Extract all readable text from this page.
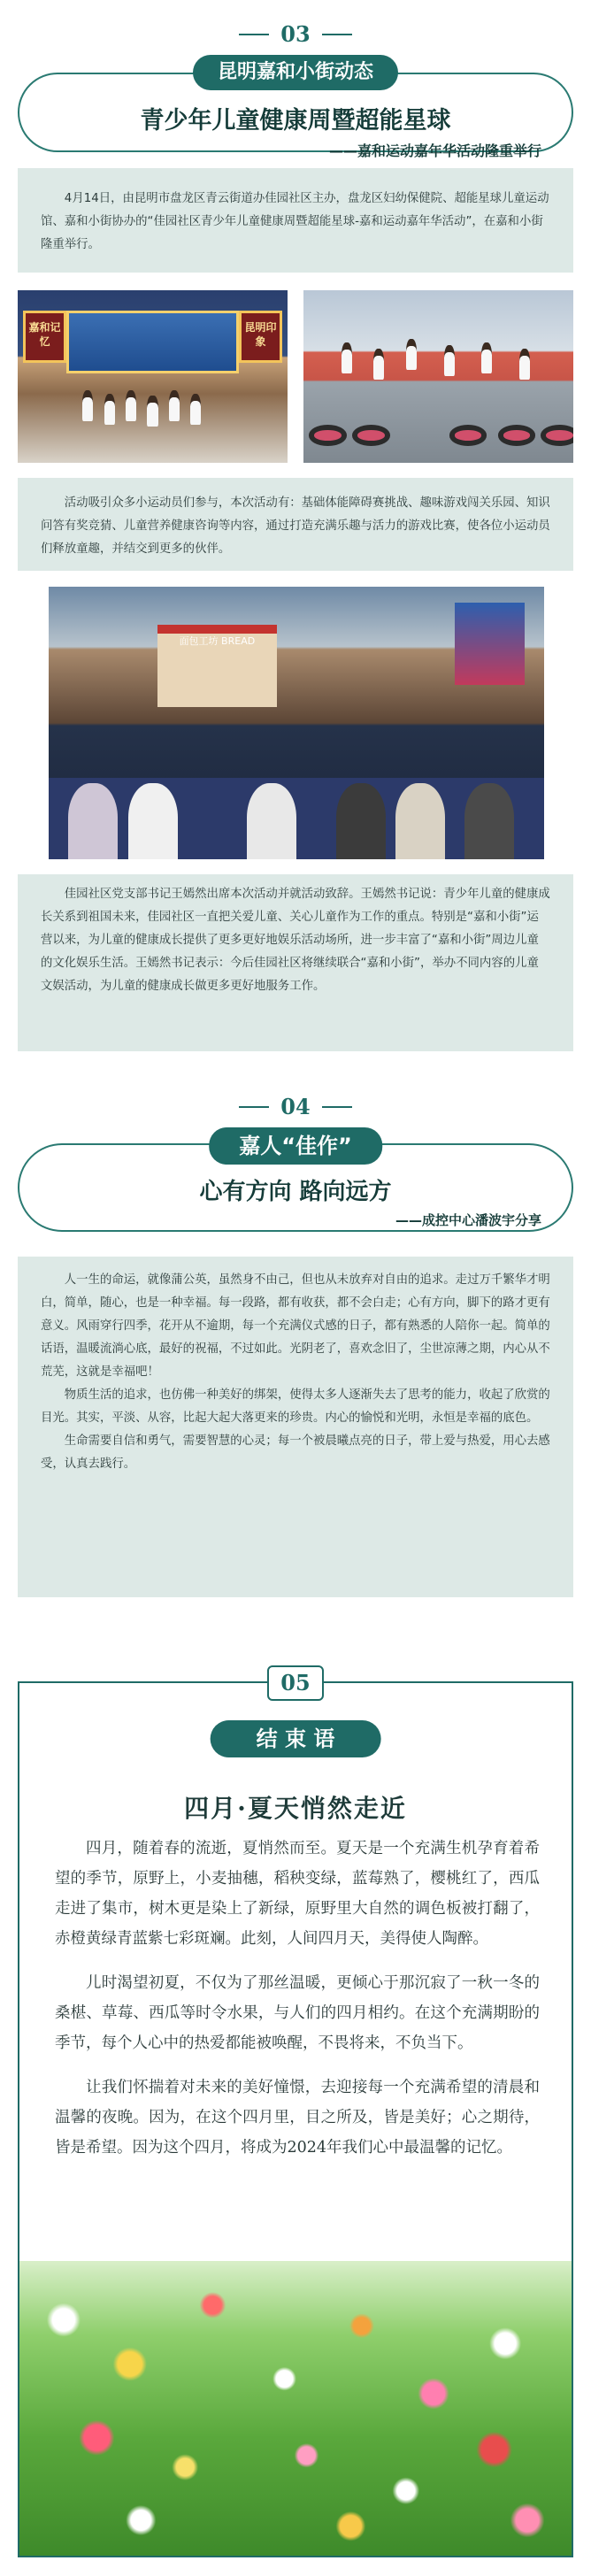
03
昆明嘉和小街动态
青少年儿童健康周暨超能星球
——嘉和运动嘉年华活动隆重举行

4月14日，由昆明市盘龙区青云街道办佳园社区主办，盘龙区妇幼保健院、超能星球儿童运动馆、嘉和小街协办的“佳园社区青少年儿童健康周暨超能星球-嘉和运动嘉年华活动”，在嘉和小街隆重举行。

嘉和记忆
昆明印象

活动吸引众多小运动员们参与，本次活动有：基础体能障碍赛挑战、趣味游戏闯关乐园、知识问答有奖竞猜、儿童营养健康咨询等内容，通过打造充满乐趣与活力的游戏比赛，使各位小运动员们释放童趣，并结交到更多的伙伴。

面包工坊 BREAD

佳园社区党支部书记王嫣然出席本次活动并就活动致辞。王嫣然书记说：青少年儿童的健康成长关系到祖国未来，佳园社区一直把关爱儿童、关心儿童作为工作的重点。特别是“嘉和小街”运营以来，为儿童的健康成长提供了更多更好地娱乐活动场所，进一步丰富了“嘉和小街”周边儿童的文化娱乐生活。王嫣然书记表示：今后佳园社区将继续联合“嘉和小街”，举办不同内容的儿童文娱活动，为儿童的健康成长做更多更好地服务工作。

04
嘉人“佳作”
心有方向 路向远方
——成控中心潘波宇分享

人一生的命运，就像蒲公英，虽然身不由己，但也从未放弃对自由的追求。走过万千繁华才明白，简单，随心，也是一种幸福。每一段路，都有收获，都不会白走；心有方向，脚下的路才更有意义。风雨穿行四季，花开从不逾期，每一个充满仪式感的日子，都有熟悉的人陪你一起。简单的话语，温暖流淌心底，最好的祝福，不过如此。光阴老了，喜欢念旧了，尘世凉薄之期，内心从不荒芜，这就是幸福吧！

物质生活的追求，也仿佛一种美好的绑架，使得太多人逐渐失去了思考的能力，收起了欣赏的目光。其实，平淡、从容，比起大起大落更来的珍贵。内心的愉悦和光明，永恒是幸福的底色。

生命需要自信和勇气，需要智慧的心灵；每一个被晨曦点亮的日子，带上爱与热爱，用心去感受，认真去践行。

05
结 束 语
四月·夏天悄然走近

四月，随着春的流逝，夏悄然而至。夏天是一个充满生机孕育着希望的季节，原野上，小麦抽穗，稻秧变绿，蓝莓熟了，樱桃红了，西瓜走进了集市，树木更是染上了新绿，原野里大自然的调色板被打翻了，赤橙黄绿青蓝紫七彩斑斓。此刻，人间四月天，美得使人陶醉。

儿时渴望初夏，不仅为了那丝温暖，更倾心于那沉寂了一秋一冬的桑椹、草莓、西瓜等时令水果，与人们的四月相约。在这个充满期盼的季节，每个人心中的热爱都能被唤醒，不畏将来，不负当下。

让我们怀揣着对未来的美好憧憬，去迎接每一个充满希望的清晨和温馨的夜晚。因为，在这个四月里，目之所及，皆是美好；心之期待，皆是希望。因为这个四月，将成为2024年我们心中最温馨的记忆。
